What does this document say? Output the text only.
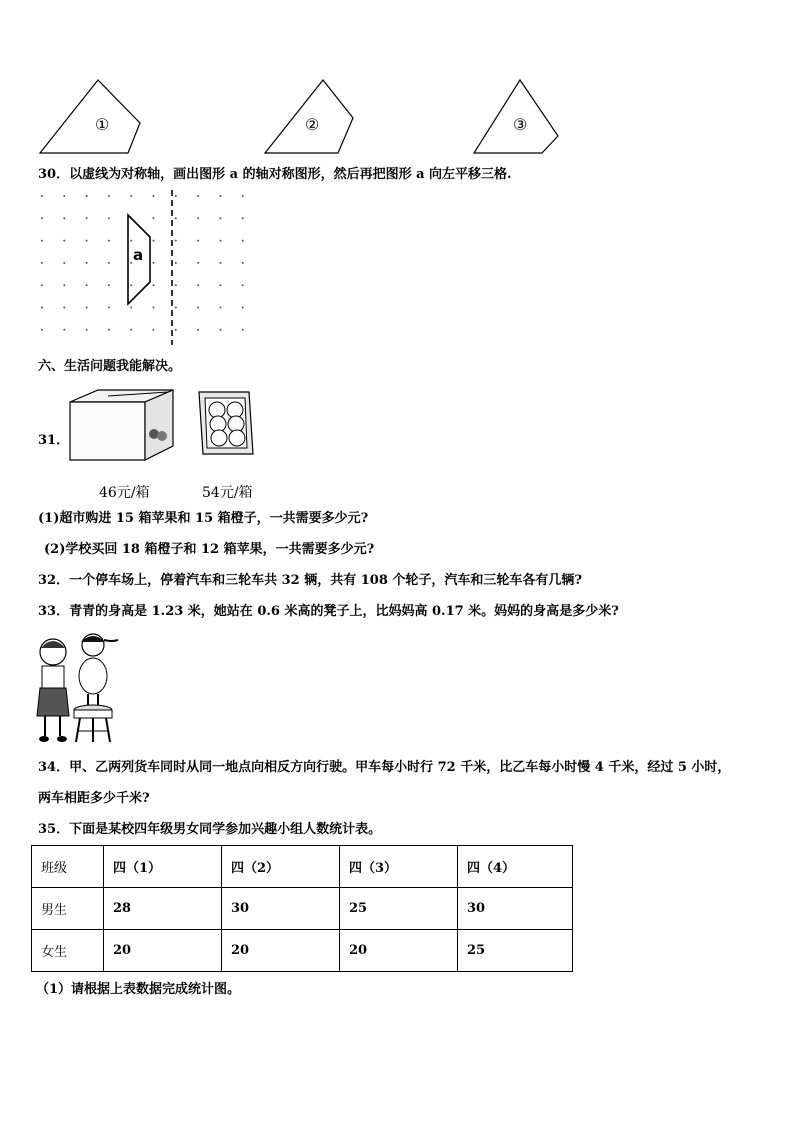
①	②	③
30．以虚线为对称轴，画出图形 a 的轴对称图形，然后再把图形 a 向左平移三格.
a
六、生活问题我能解决。
31．
46元/箱	54元/箱
(1)超市购进 15 箱苹果和 15 箱橙子，一共需要多少元?
(2)学校买回 18 箱橙子和 12 箱苹果，一共需要多少元?
32．一个停车场上，停着汽车和三轮车共 32 辆，共有 108 个轮子，汽车和三轮车各有几辆?
33．青青的身高是 1.23 米，她站在 0.6 米高的凳子上，比妈妈高 0.17 米。妈妈的身高是多少米?
34．甲、乙两列货车同时从同一地点向相反方向行驶。甲车每小时行 72 千米，比乙车每小时慢 4 千米，经过 5 小时，
两车相距多少千米?
35．下面是某校四年级男女同学参加兴趣小组人数统计表。
班级	四（1）	四（2）	四（3）	四（4）
男生	28	30	25	30
女生	20	20	20	25
（1）请根据上表数据完成统计图。
